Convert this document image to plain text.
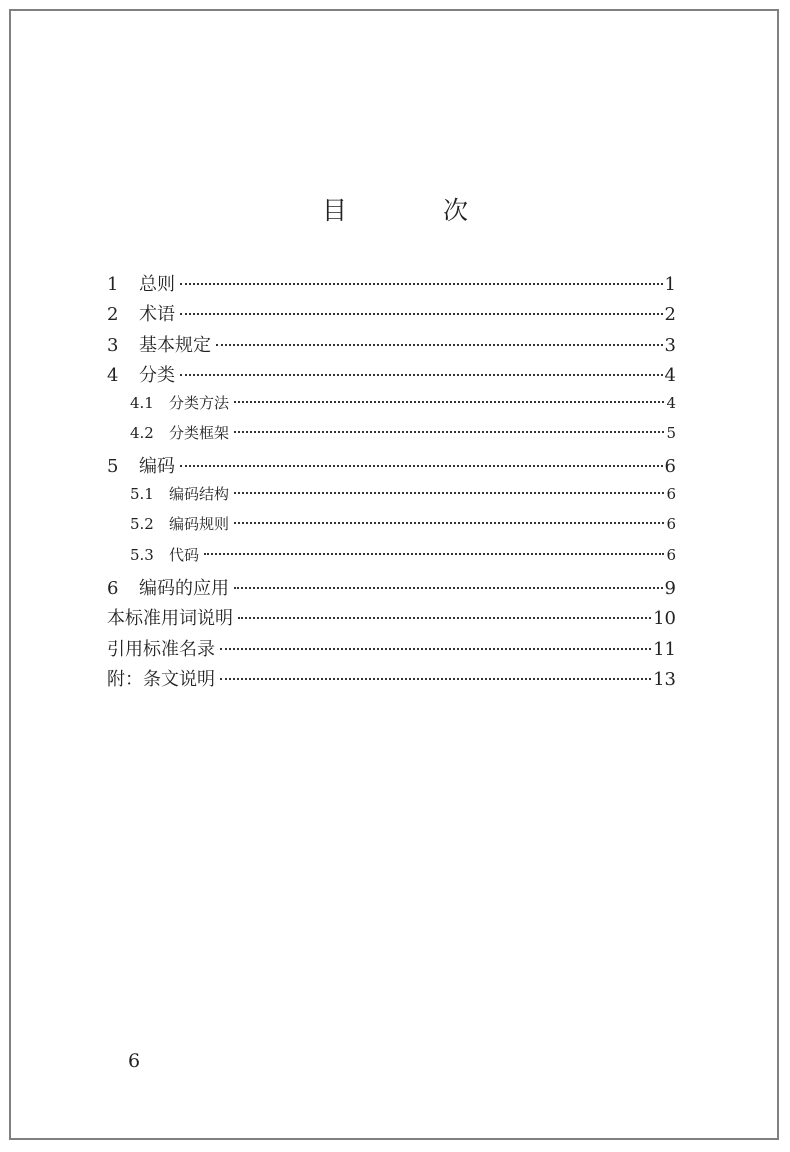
目 次
1	总则	1
2	术语	2
3	基本规定	3
4	分类	4
4.1	分类方法	4
4.2	分类框架	5
5	编码	6
5.1	编码结构	6
5.2	编码规则	6
5.3	代码	6
6	编码的应用	9
本标准用词说明	10
引用标准名录	11
附：条文说明	13
6
